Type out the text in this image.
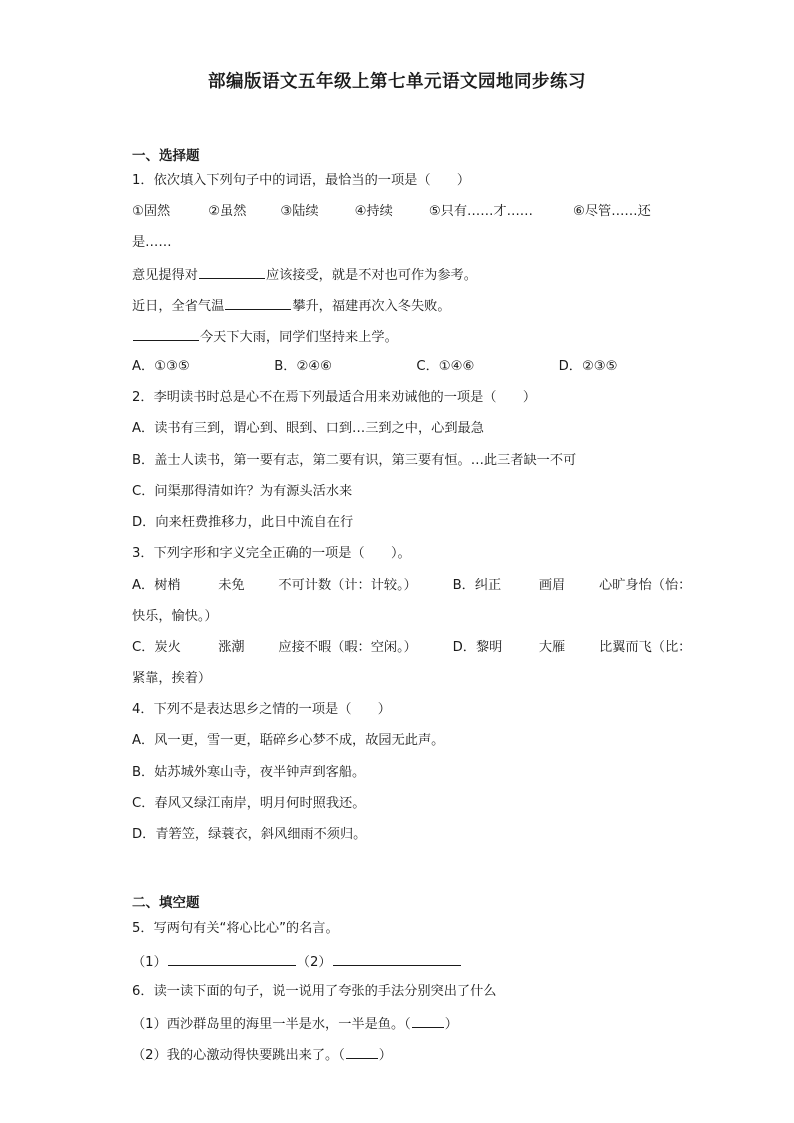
部编版语文五年级上第七单元语文园地同步练习
一、选择题
1．依次填入下列句子中的词语，最恰当的一项是（　　）
①固然	②虽然	③陆续	④持续	⑤只有……才……	⑥尽管……还
是……
意见提得对	应该接受，就是不对也可作为参考。
近日，全省气温	攀升，福建再次入冬失败。
今天下大雨，同学们坚持来上学。
A．①③⑤	B．②④⑥	C．①④⑥	D．②③⑤
2．李明读书时总是心不在焉下列最适合用来劝诫他的一项是（　　）
A．读书有三到，谓心到、眼到、口到…三到之中，心到最急
B．盖士人读书，第一要有志，第二要有识，第三要有恒。…此三者缺一不可
C．问渠那得清如许？为有源头活水来
D．向来枉费推移力，此日中流自在行
3．下列字形和字义完全正确的一项是（　　）。
A．树梢	未免	不可计数（计：计较。）	B．纠正	画眉	心旷身怡（怡：
快乐，愉快。）
C．炭火	涨潮	应接不暇（暇：空闲。）	D．黎明	大雁	比翼而飞（比：
紧靠，挨着）
4．下列不是表达思乡之情的一项是（　　）
A．风一更，雪一更，聒碎乡心梦不成，故园无此声。
B．姑苏城外寒山寺，夜半钟声到客船。
C．春风又绿江南岸，明月何时照我还。
D．青箬笠，绿蓑衣，斜风细雨不须归。
二、填空题
5．写两句有关“将心比心”的名言。
（1）	（2）
6．读一读下面的句子，说一说用了夸张的手法分别突出了什么
（1）西沙群岛里的海里一半是水，一半是鱼。（	）
（2）我的心激动得快要跳出来了。（	）
